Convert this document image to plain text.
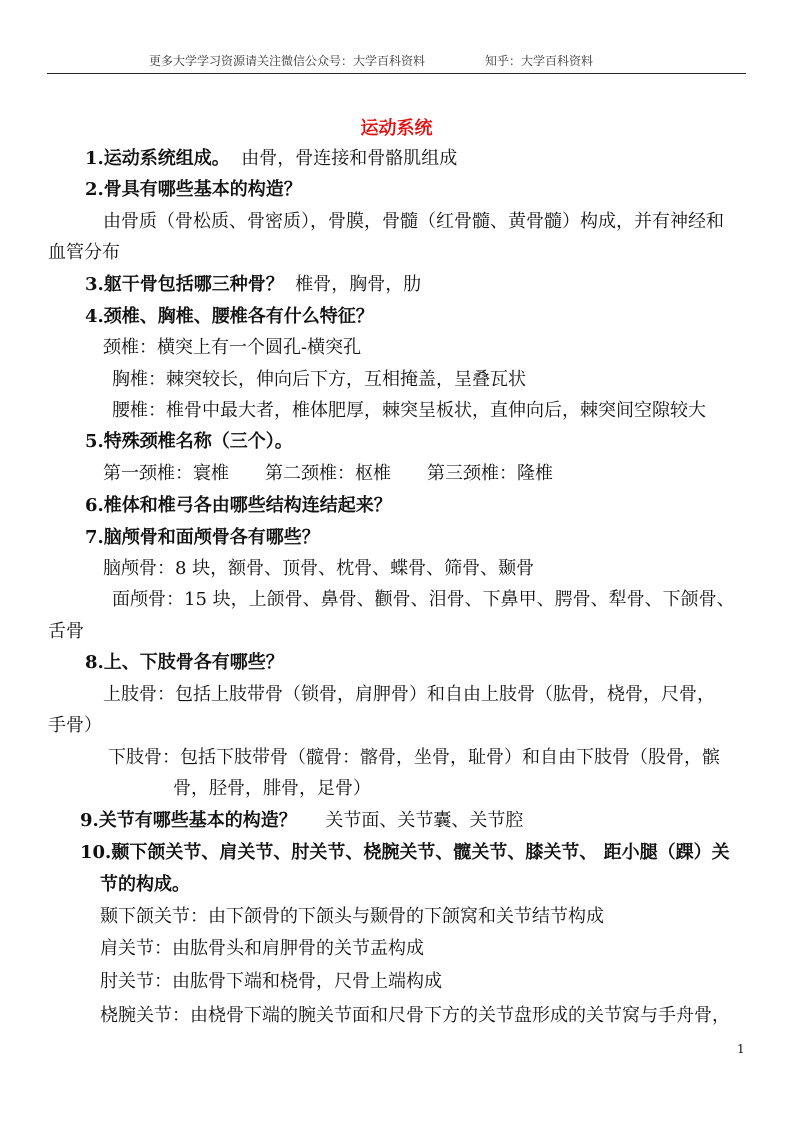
更多大学学习资源请关注微信公众号：大学百科资料	知乎：大学百科资料
运动系统
1.运动系统组成。 由骨，骨连接和骨骼肌组成
2.骨具有哪些基本的构造？
由骨质（骨松质、骨密质），骨膜，骨髓（红骨髓、黄骨髓）构成，并有神经和
血管分布
3.躯干骨包括哪三种骨？ 椎骨，胸骨，肋
4.颈椎、胸椎、腰椎各有什么特征？
颈椎：横突上有一个圆孔-横突孔
胸椎：棘突较长，伸向后下方，互相掩盖，呈叠瓦状
腰椎：椎骨中最大者，椎体肥厚，棘突呈板状，直伸向后，棘突间空隙较大
5.特殊颈椎名称（三个）。
第一颈椎：寰椎　　第二颈椎：枢椎　　第三颈椎：隆椎
6.椎体和椎弓各由哪些结构连结起来？
7.脑颅骨和面颅骨各有哪些？
脑颅骨：8 块，额骨、顶骨、枕骨、蝶骨、筛骨、颞骨
面颅骨：15 块，上颌骨、鼻骨、颧骨、泪骨、下鼻甲、腭骨、犁骨、下颌骨、
舌骨
8.上、下肢骨各有哪些？
上肢骨：包括上肢带骨（锁骨，肩胛骨）和自由上肢骨（肱骨，桡骨，尺骨，
手骨）
下肢骨：包括下肢带骨（髋骨：髂骨，坐骨，耻骨）和自由下肢骨（股骨，髌
骨，胫骨，腓骨，足骨）
9.关节有哪些基本的构造？ 关节面、关节囊、关节腔
10.颞下颌关节、肩关节、肘关节、桡腕关节、髋关节、膝关节、 距小腿（踝）关
节的构成。
颞下颌关节：由下颌骨的下颌头与颞骨的下颌窝和关节结节构成
肩关节：由肱骨头和肩胛骨的关节盂构成
肘关节：由肱骨下端和桡骨，尺骨上端构成
桡腕关节：由桡骨下端的腕关节面和尺骨下方的关节盘形成的关节窝与手舟骨，
1
